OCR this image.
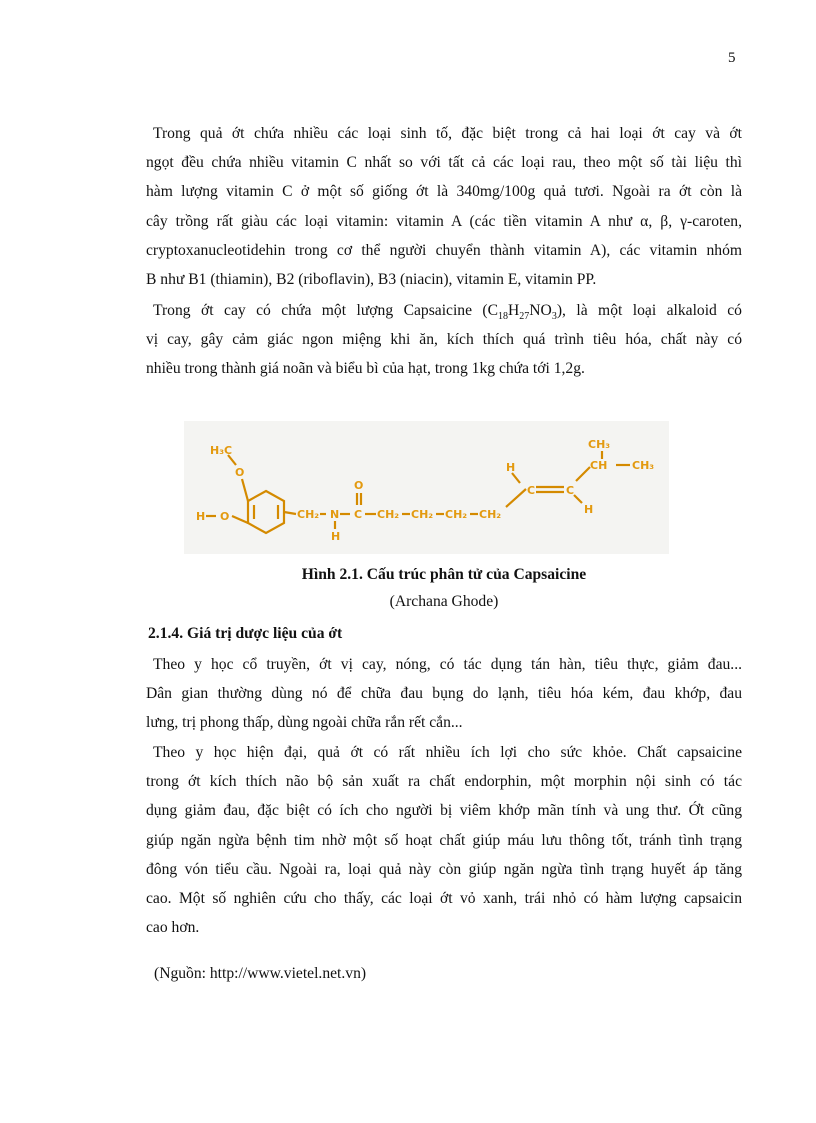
5
Trong quả ớt chứa nhiều các loại sinh tố, đặc biệt trong cả hai loại ớt cay và ớt
ngọt đều chứa nhiều vitamin C nhất so với tất cả các loại rau, theo một số tài liệu thì
hàm lượng vitamin C ở một số giống ớt là 340mg/100g quả tươi. Ngoài ra ớt còn là
cây trồng rất giàu các loại vitamin: vitamin A (các tiền vitamin A như α, β, γ-caroten,
cryptoxanucleotidehin trong cơ thể người chuyển thành vitamin A), các vitamin nhóm
B như B1 (thiamin), B2 (riboflavin), B3 (niacin), vitamin E, vitamin PP.
Trong ớt cay có chứa một lượng Capsaicine $(C_{18}H_{27}NO_3)$, là một loại alkaloid có
vị cay, gây cảm giác ngon miệng khi ăn, kích thích quá trình tiêu hóa, chất này có
nhiều trong thành giá noãn và biểu bì của hạt, trong 1kg chứa tới 1,2g.
H₃C
O
H O	CH₂ N
H
C
O
CH₂ CH₂ CH₂ CH₂
H
C	C
H
CH
CH₃
CH₃
Hình 2.1. Cấu trúc phân tử của Capsaicine
(Archana Ghode)
2.1.4. Giá trị dược liệu của ớt
Theo y học cổ truyền, ớt vị cay, nóng, có tác dụng tán hàn, tiêu thực, giảm đau...
Dân gian thường dùng nó để chữa đau bụng do lạnh, tiêu hóa kém, đau khớp, đau
lưng, trị phong thấp, dùng ngoài chữa rắn rết cắn...
Theo y học hiện đại, quả ớt có rất nhiều ích lợi cho sức khỏe. Chất capsaicine
trong ớt kích thích não bộ sản xuất ra chất endorphin, một morphin nội sinh có tác
dụng giảm đau, đặc biệt có ích cho người bị viêm khớp mãn tính và ung thư. Ớt cũng
giúp ngăn ngừa bệnh tim nhờ một số hoạt chất giúp máu lưu thông tốt, tránh tình trạng
đông vón tiểu cầu. Ngoài ra, loại quả này còn giúp ngăn ngừa tình trạng huyết áp tăng
cao. Một số nghiên cứu cho thấy, các loại ớt vỏ xanh, trái nhỏ có hàm lượng capsaicin
cao hơn.
(Nguồn: http://www.vietel.net.vn)
